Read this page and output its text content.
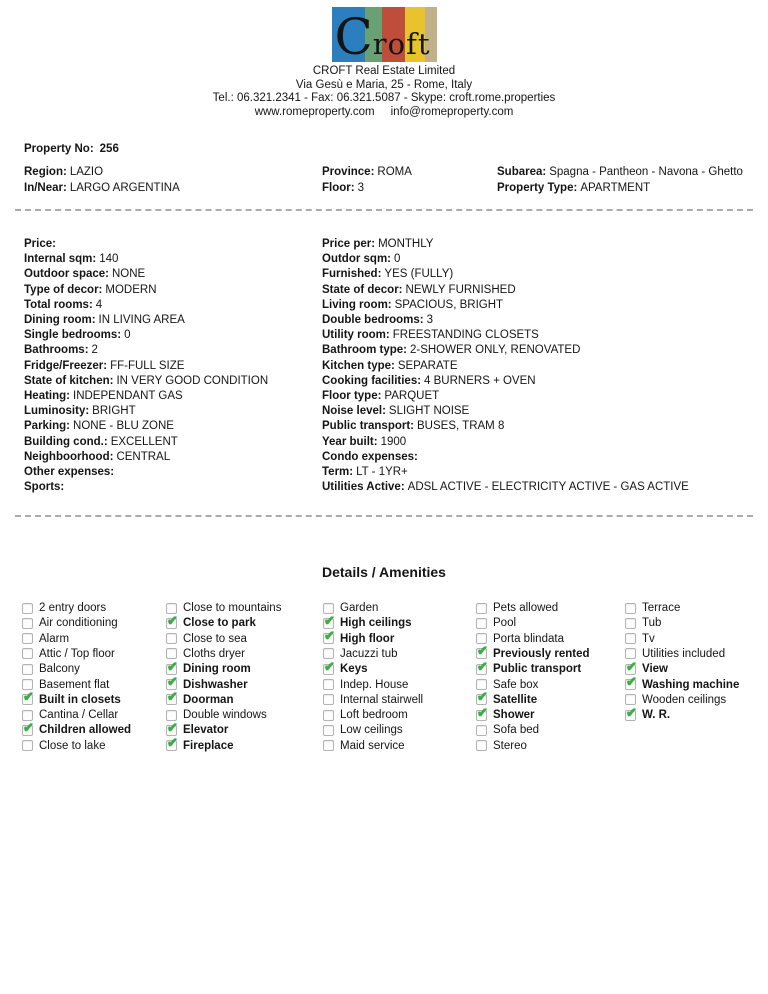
Croft
CROFT Real Estate Limited
Via Gesù e Maria, 25 - Rome, Italy
Tel.: 06.321.2341 - Fax: 06.321.5087 - Skype: croft.rome.properties
www.romeproperty.com info@romeproperty.com
Property No: 256
Region: LAZIO	Province: ROMA	Subarea: Spagna - Pantheon - Navona - Ghetto
In/Near: LARGO ARGENTINA	Floor: 3	Property Type: APARTMENT
Price:
Internal sqm: 140
Outdoor space: NONE
Type of decor: MODERN
Total rooms: 4
Dining room: IN LIVING AREA
Single bedrooms: 0
Bathrooms: 2
Fridge/Freezer: FF-FULL SIZE
State of kitchen: IN VERY GOOD CONDITION
Heating: INDEPENDANT GAS
Luminosity: BRIGHT
Parking: NONE - BLU ZONE
Building cond.: EXCELLENT
Neighboorhood: CENTRAL
Other expenses:
Sports:
Price per: MONTHLY
Outdor sqm: 0
Furnished: YES (FULLY)
State of decor: NEWLY FURNISHED
Living room: SPACIOUS, BRIGHT
Double bedrooms: 3
Utility room: FREESTANDING CLOSETS
Bathroom type: 2-SHOWER ONLY, RENOVATED
Kitchen type: SEPARATE
Cooking facilities: 4 BURNERS + OVEN
Floor type: PARQUET
Noise level: SLIGHT NOISE
Public transport: BUSES, TRAM 8
Year built: 1900
Condo expenses:
Term: LT - 1YR+
Utilities Active: ADSL ACTIVE - ELECTRICITY ACTIVE - GAS ACTIVE
Details / Amenities
2 entry doors
Air conditioning
Alarm
Attic / Top floor
Balcony
Basement flat
✔ Built in closets
Cantina / Cellar
✔ Children allowed
Close to lake
Close to mountains
✔ Close to park
Close to sea
Cloths dryer
✔ Dining room
✔ Dishwasher
✔ Doorman
Double windows
✔ Elevator
✔ Fireplace
Garden
✔ High ceilings
✔ High floor
Jacuzzi tub
✔ Keys
Indep. House
Internal stairwell
Loft bedroom
Low ceilings
Maid service
Pets allowed
Pool
Porta blindata
✔ Previously rented
✔ Public transport
Safe box
✔ Satellite
✔ Shower
Sofa bed
Stereo
Terrace
Tub
Tv
Utilities included
✔ View
✔ Washing machine
Wooden ceilings
✔ W. R.
